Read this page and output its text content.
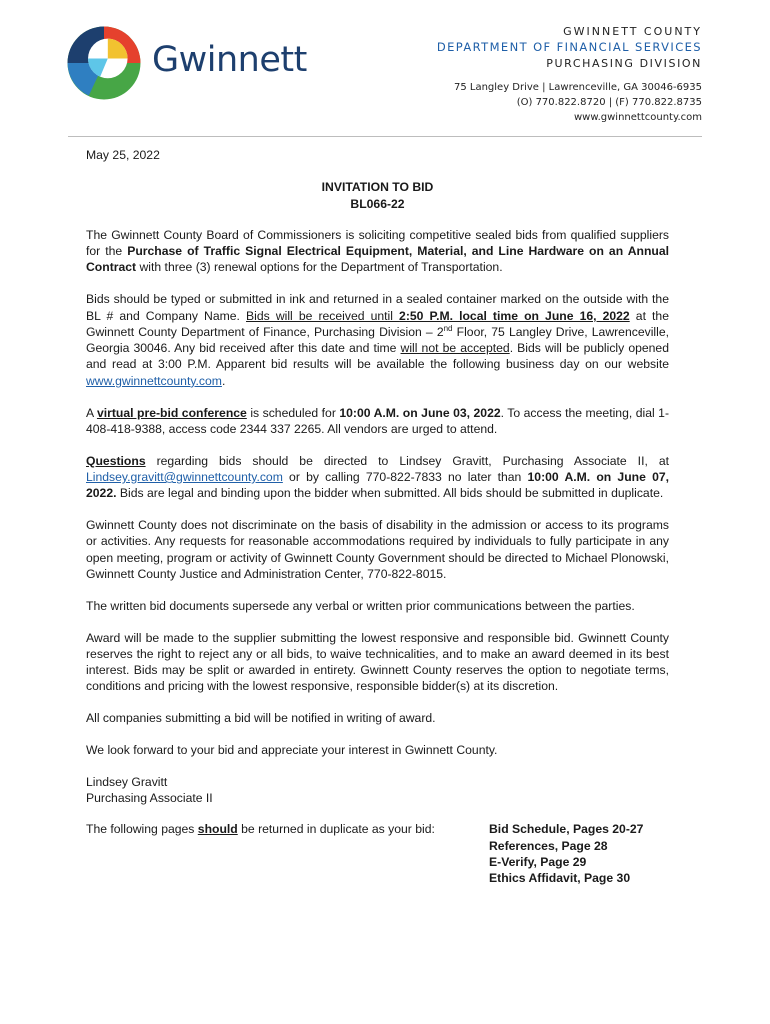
Gwinnett
GWINNETT COUNTY
DEPARTMENT OF FINANCIAL SERVICES
PURCHASING DIVISION
75 Langley Drive | Lawrenceville, GA 30046-6935
(O) 770.822.8720 | (F) 770.822.8735
www.gwinnettcounty.com

May 25, 2022

INVITATION TO BID
BL066-22

The Gwinnett County Board of Commissioners is soliciting competitive sealed bids from qualified suppliers for the Purchase of Traffic Signal Electrical Equipment, Material, and Line Hardware on an Annual Contract with three (3) renewal options for the Department of Transportation.

Bids should be typed or submitted in ink and returned in a sealed container marked on the outside with the BL # and Company Name. Bids will be received until 2:50 P.M. local time on June 16, 2022 at the Gwinnett County Department of Finance, Purchasing Division – 2nd Floor, 75 Langley Drive, Lawrenceville, Georgia 30046. Any bid received after this date and time will not be accepted. Bids will be publicly opened and read at 3:00 P.M. Apparent bid results will be available the following business day on our website www.gwinnettcounty.com.

A virtual pre-bid conference is scheduled for 10:00 A.M. on June 03, 2022. To access the meeting, dial 1-408-418-9388, access code 2344 337 2265. All vendors are urged to attend.

Questions regarding bids should be directed to Lindsey Gravitt, Purchasing Associate II, at Lindsey.gravitt@gwinnettcounty.com or by calling 770-822-7833 no later than 10:00 A.M. on June 07, 2022. Bids are legal and binding upon the bidder when submitted. All bids should be submitted in duplicate.

Gwinnett County does not discriminate on the basis of disability in the admission or access to its programs or activities. Any requests for reasonable accommodations required by individuals to fully participate in any open meeting, program or activity of Gwinnett County Government should be directed to Michael Plonowski, Gwinnett County Justice and Administration Center, 770-822-8015.

The written bid documents supersede any verbal or written prior communications between the parties.

Award will be made to the supplier submitting the lowest responsive and responsible bid. Gwinnett County reserves the right to reject any or all bids, to waive technicalities, and to make an award deemed in its best interest. Bids may be split or awarded in entirety. Gwinnett County reserves the option to negotiate terms, conditions and pricing with the lowest responsive, responsible bidder(s) at its discretion.

All companies submitting a bid will be notified in writing of award.

We look forward to your bid and appreciate your interest in Gwinnett County.

Lindsey Gravitt
Purchasing Associate II

The following pages should be returned in duplicate as your bid:	Bid Schedule, Pages 20-27
References, Page 28
E-Verify, Page 29
Ethics Affidavit, Page 30
